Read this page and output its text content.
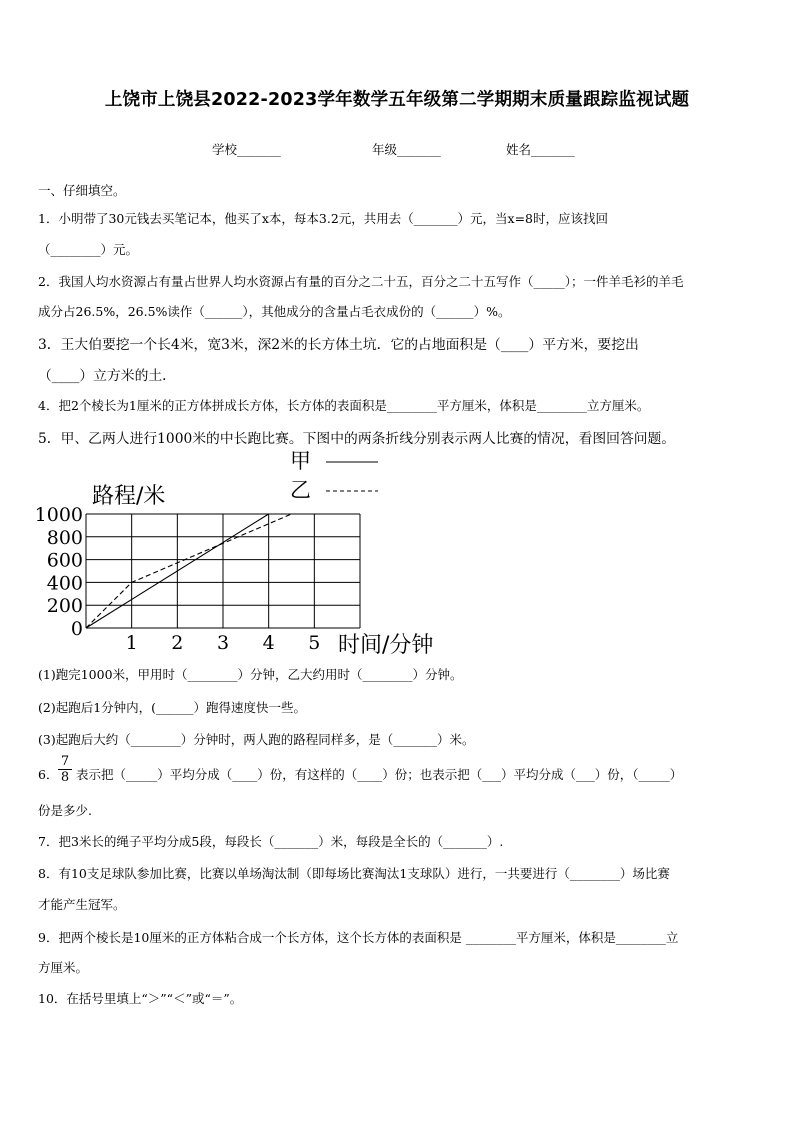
上饶市上饶县2022-2023学年数学五年级第二学期期末质量跟踪监视试题
学校_______	年级_______	姓名_______
一、仔细填空。
1．小明带了30元钱去买笔记本，他买了x本，每本3.2元，共用去（_______）元，当x=8时，应该找回
（________）元。
2．我国人均水资源占有量占世界人均水资源占有量的百分之二十五，百分之二十五写作（_____）；一件羊毛衫的羊毛
成分占26.5%，26.5%读作（______），其他成分的含量占毛衣成份的（______）%。
3．王大伯要挖一个长4米，宽3米，深2米的长方体土坑．它的占地面积是（____）平方米，要挖出
（____）立方米的土．
4．把2个棱长为1厘米的正方体拼成长方体，长方体的表面积是________平方厘米，体积是________立方厘米。
5．甲、乙两人进行1000米的中长跑比赛。下图中的两条折线分别表示两人比赛的情况，看图回答问题。
0
200
400
600
800
1000
1 2 3 4 5
甲
乙
路程/米
时间/分钟
(1)跑完1000米，甲用时（________）分钟，乙大约用时（________）分钟。
(2)起跑后1分钟内，(______）跑得速度快一些。
(3)起跑后大约（________）分钟时，两人跑的路程同样多，是（_______）米。
6． $\frac{7}{8}$ 表示把（_____）平均分成（____）份，有这样的（____）份；也表示把（___）平均分成（___）份，（_____）
份是多少.
7．把3米长的绳子平均分成5段，每段长（_______）米，每段是全长的（_______）.
8．有10支足球队参加比赛，比赛以单场淘汰制（即每场比赛淘汰1支球队）进行，一共要进行（________）场比赛
才能产生冠军。
9．把两个棱长是10厘米的正方体粘合成一个长方体，这个长方体的表面积是 ________平方厘米，体积是________立
方厘米。
10．在括号里填上“＞”“＜”或“＝”。
